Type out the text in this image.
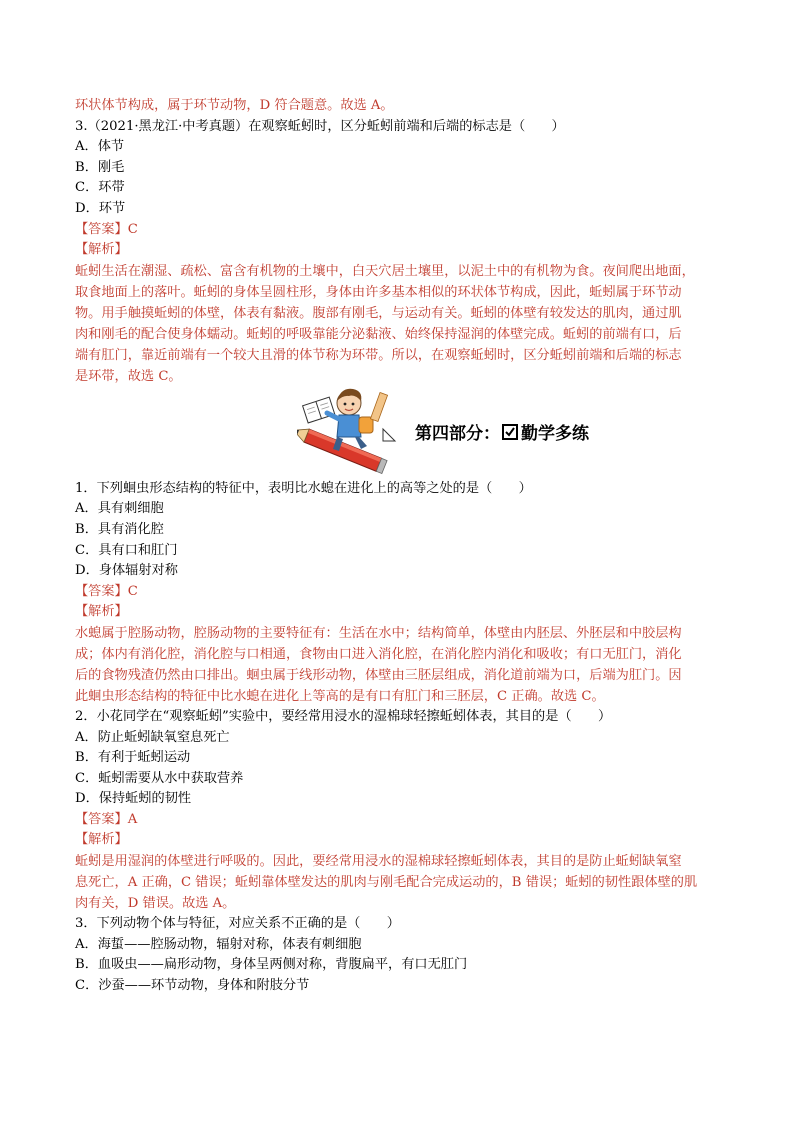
环状体节构成，属于环节动物，D 符合题意。故选 A。
3.（2021·黑龙江·中考真题）在观察蚯蚓时，区分蚯蚓前端和后端的标志是（　　）
A．体节
B．刚毛
C．环带
D．环节
【答案】C
【解析】
蚯蚓生活在潮湿、疏松、富含有机物的土壤中，白天穴居土壤里，以泥土中的有机物为食。夜间爬出地面，
取食地面上的落叶。蚯蚓的身体呈圆柱形，身体由许多基本相似的环状体节构成，因此，蚯蚓属于环节动
物。用手触摸蚯蚓的体壁，体表有黏液。腹部有刚毛，与运动有关。蚯蚓的体壁有较发达的肌肉，通过肌
肉和刚毛的配合使身体蠕动。蚯蚓的呼吸靠能分泌黏液、始终保持湿润的体壁完成。蚯蚓的前端有口，后
端有肛门，靠近前端有一个较大且滑的体节称为环带。所以，在观察蚯蚓时，区分蚯蚓前端和后端的标志
是环带，故选 C。
第四部分： 勤学多练
1．下列蛔虫形态结构的特征中，表明比水螅在进化上的高等之处的是（　　）
A．具有刺细胞
B．具有消化腔
C．具有口和肛门
D．身体辐射对称
【答案】C
【解析】
水螅属于腔肠动物，腔肠动物的主要特征有：生活在水中；结构简单，体壁由内胚层、外胚层和中胶层构
成；体内有消化腔，消化腔与口相通，食物由口进入消化腔，在消化腔内消化和吸收；有口无肛门，消化
后的食物残渣仍然由口排出。蛔虫属于线形动物，体壁由三胚层组成，消化道前端为口，后端为肛门。因
此蛔虫形态结构的特征中比水螅在进化上等高的是有口有肛门和三胚层，C 正确。故选 C。
2．小花同学在“观察蚯蚓”实验中，要经常用浸水的湿棉球轻擦蚯蚓体表，其目的是（　　）
A．防止蚯蚓缺氧窒息死亡
B．有利于蚯蚓运动
C．蚯蚓需要从水中获取营养
D．保持蚯蚓的韧性
【答案】A
【解析】
蚯蚓是用湿润的体壁进行呼吸的。因此，要经常用浸水的湿棉球轻擦蚯蚓体表，其目的是防止蚯蚓缺氧窒
息死亡，A 正确，C 错误；蚯蚓靠体壁发达的肌肉与刚毛配合完成运动的，B 错误；蚯蚓的韧性跟体壁的肌
肉有关，D 错误。故选 A。
3．下列动物个体与特征，对应关系不正确的是（　　）
A．海蜇——腔肠动物，辐射对称，体表有刺细胞
B．血吸虫——扁形动物，身体呈两侧对称，背腹扁平，有口无肛门
C．沙蚕——环节动物，身体和附肢分节
